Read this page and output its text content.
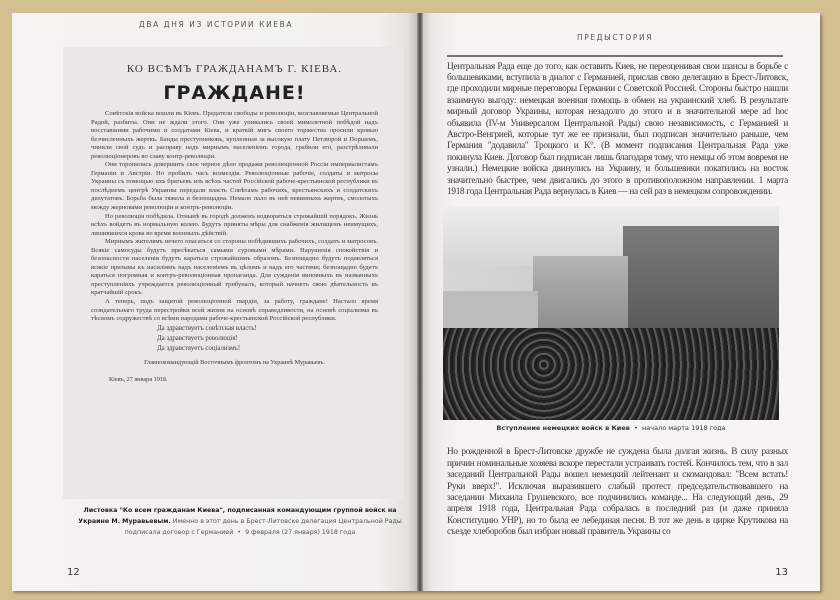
ДВА ДНЯ ИЗ ИСТОРИИ КИЕВА
КО ВСѢМЪ ГРАЖДАНАМЪ Г. КІЕВА.
ГРАЖДАНЕ!

Совѣтскія войска вошли въ Кіевъ. Предатели свободы и революціи, возглавляемые Центральной Радой, разбиты. Они не ждали этого. Они уже упивались своей мимолетной побѣдой надъ восставшими рабочими и солдатами Кіева, и краткій мигъ своего торжества оросили кровью безчисленныхъ жертвъ. Банды преступниковъ, купленныя за высокую плату Петлюрой и Поршемъ, чинили свой судъ и расправу надъ мирнымъ населеніемъ города, грабили его, разстрѣливали революціонеровъ во славу контр-революціи.

Они торопились довершить свое черное дѣло продажи революціонной Россіи империалистамъ Германіи и Австріи. Но пробилъ часъ возмездія. Революціонные рабочіе, солдаты и матросы Украины съ помощью ихъ братьевъ изъ всѣхъ частей Россійской рабоче-крестьянской республики въ послѣднемъ центрѣ Украины передали власть Совѣтамъ рабочихъ, крестьянскихъ и солдатскихъ депутатовъ. Борьба была тяжела и безпощадна. Немало пало въ ней невинныхъ жертвъ, смолотыхъ между жерновами революціи и контръ-революціи.

Но революція побѣдила. Отнынѣ въ городѣ долженъ водвориться строжайшій порядокъ. Жизнь всѣхъ войдетъ въ нормальную колею. Будутъ приняты мѣры для снабженія жилищемъ неимущихъ, лишившихся крова во время военныхъ дѣйствій.

Мирнымъ жителямъ нечего опасаться со стороны побѣдившихъ рабочихъ, солдатъ и матросовъ. Всякіе самосуды будутъ пресѣкаться самыми суровыми мѣрами. Нарушенія спокойствія и безопасности населенія будутъ караться строжайшимъ образомъ. Безпощадно будутъ подавляться всякіе призывы къ насиліямъ надъ населеніемъ въ цѣломъ и надъ его частями; безпощадно будетъ караться погромная и контръ-революціонная пропаганда. Для сужденія виновныхъ въ названныхъ преступленіяхъ учреждается революціонный трибуналъ, который начнетъ свою дѣятельность въ кратчайшій срокъ.

А теперь, подъ защитой революціонной гвардіи, за работу, граждане! Настало время созидательнаго труда перестройки всей жизни на основѣ справедливости, на основѣ соціализма въ тѣсномъ содружествѣ со всѣми народами рабоче-крестьянской Россійской республики.

Да здравствуетъ совѣтская власть!
Да здравствуетъ революція!
Да здравствуетъ соціализмъ!
Главнокомандующій Восточнымъ фронтомъ на Украинѣ Муравьевъ.
Кіевъ, 27 января 1918.
Листовка "Ко всем гражданам Киева", подписанная командующим группой войск на Украине М. Муравьевым. Именно в этот день в Брест-Литовске делегация Центральной Рады подписала договор с Германией  •  9 февраля (27 января) 1918 года
12
ПРЕДЫСТОРИЯ

Центральная Рада еще до того, как оставить Киев, не переоценивая свои шансы в борьбе с большевиками, вступила в диалог с Германией, прислав свою делегацию в Брест-Литовск, где проходили мирные переговоры Германии с Советской Россией. Стороны быстро нашли взаимную выгоду: немецкая военная помощь в обмен на украинский хлеб. В результате мирный договор Украины, которая незадолго до этого и в значительной мере ad hoc объявила (IV-м Универсалом Центральной Рады) свою независимость, с Германией и Австро-Венгрией, которые тут же ее признали, был подписан значительно раньше, чем Германия "додавила" Троцкого и К°. (В момент подписания Центральная Рада уже покинула Киев. Договор был подписан лишь благодаря тому, что немцы об этом вовремя не узнали.) Немецкие войска двинулись на Украину, и большевики покатились на восток значительно быстрее, чем двигались до этого в противоположном направлении. 1 марта 1918 года Центральная Рада вернулась в Киев — на сей раз в немецком сопровождении.

Вступление немецких войск в Киев  •  начало марта 1918 года

Но рожденной в Брест-Литовске дружбе не суждена была долгая жизнь. В силу разных причин номинальные хозяева вскоре перестали устраивать гостей. Кончилось тем, что в зал заседаний Центральной Рады вошел немецкий лейтенант и скомандовал: "Всем встать! Руки вверх!". Исключая выразившего слабый протест председательствовавшего на заседании Михаила Грушевского, все подчинились команде... На следующий день, 29 апреля 1918 года, Центральная Рада собралась в последний раз (и даже приняла Конституцию УНР), но то была ее лебединая песня. В тот же день в цирке Крутикова на съезде хлеборобов был избран новый правитель Украины со

13
